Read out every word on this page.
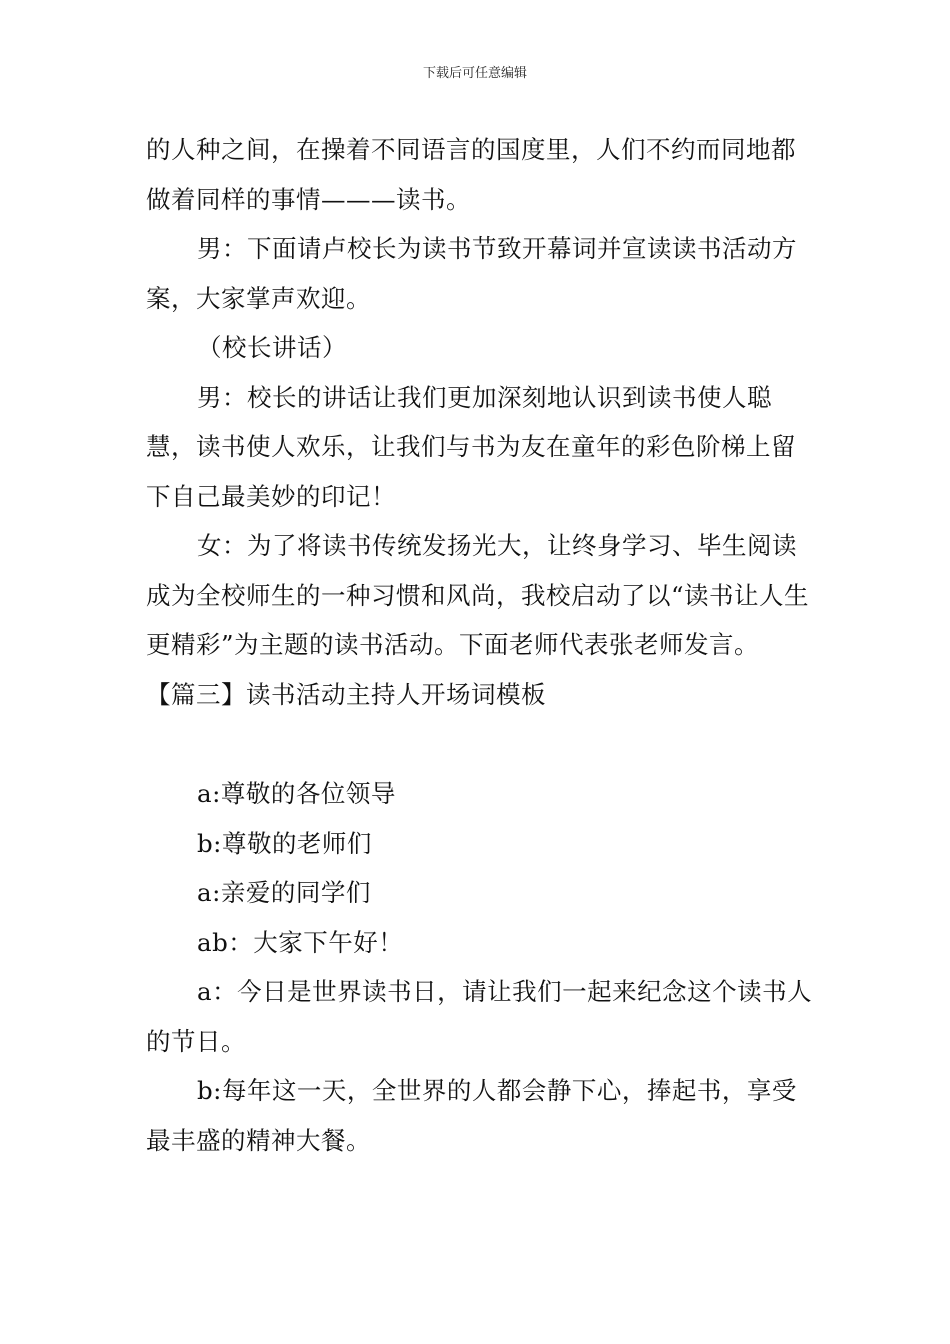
下载后可任意编辑

的人种之间，在操着不同语言的国度里，人们不约而同地都做着同样的事情———读书。

男：下面请卢校长为读书节致开幕词并宣读读书活动方案，大家掌声欢迎。

（校长讲话）

男：校长的讲话让我们更加深刻地认识到读书使人聪慧，读书使人欢乐，让我们与书为友在童年的彩色阶梯上留下自己最美妙的印记！

女：为了将读书传统发扬光大，让终身学习、毕生阅读成为全校师生的一种习惯和风尚，我校启动了以“读书让人生更精彩”为主题的读书活动。下面老师代表张老师发言。

【篇三】读书活动主持人开场词模板

a:尊敬的各位领导

b:尊敬的老师们

a:亲爱的同学们

ab：大家下午好！

a：今日是世界读书日，请让我们一起来纪念这个读书人的节日。

b:每年这一天，全世界的人都会静下心，捧起书，享受最丰盛的精神大餐。
